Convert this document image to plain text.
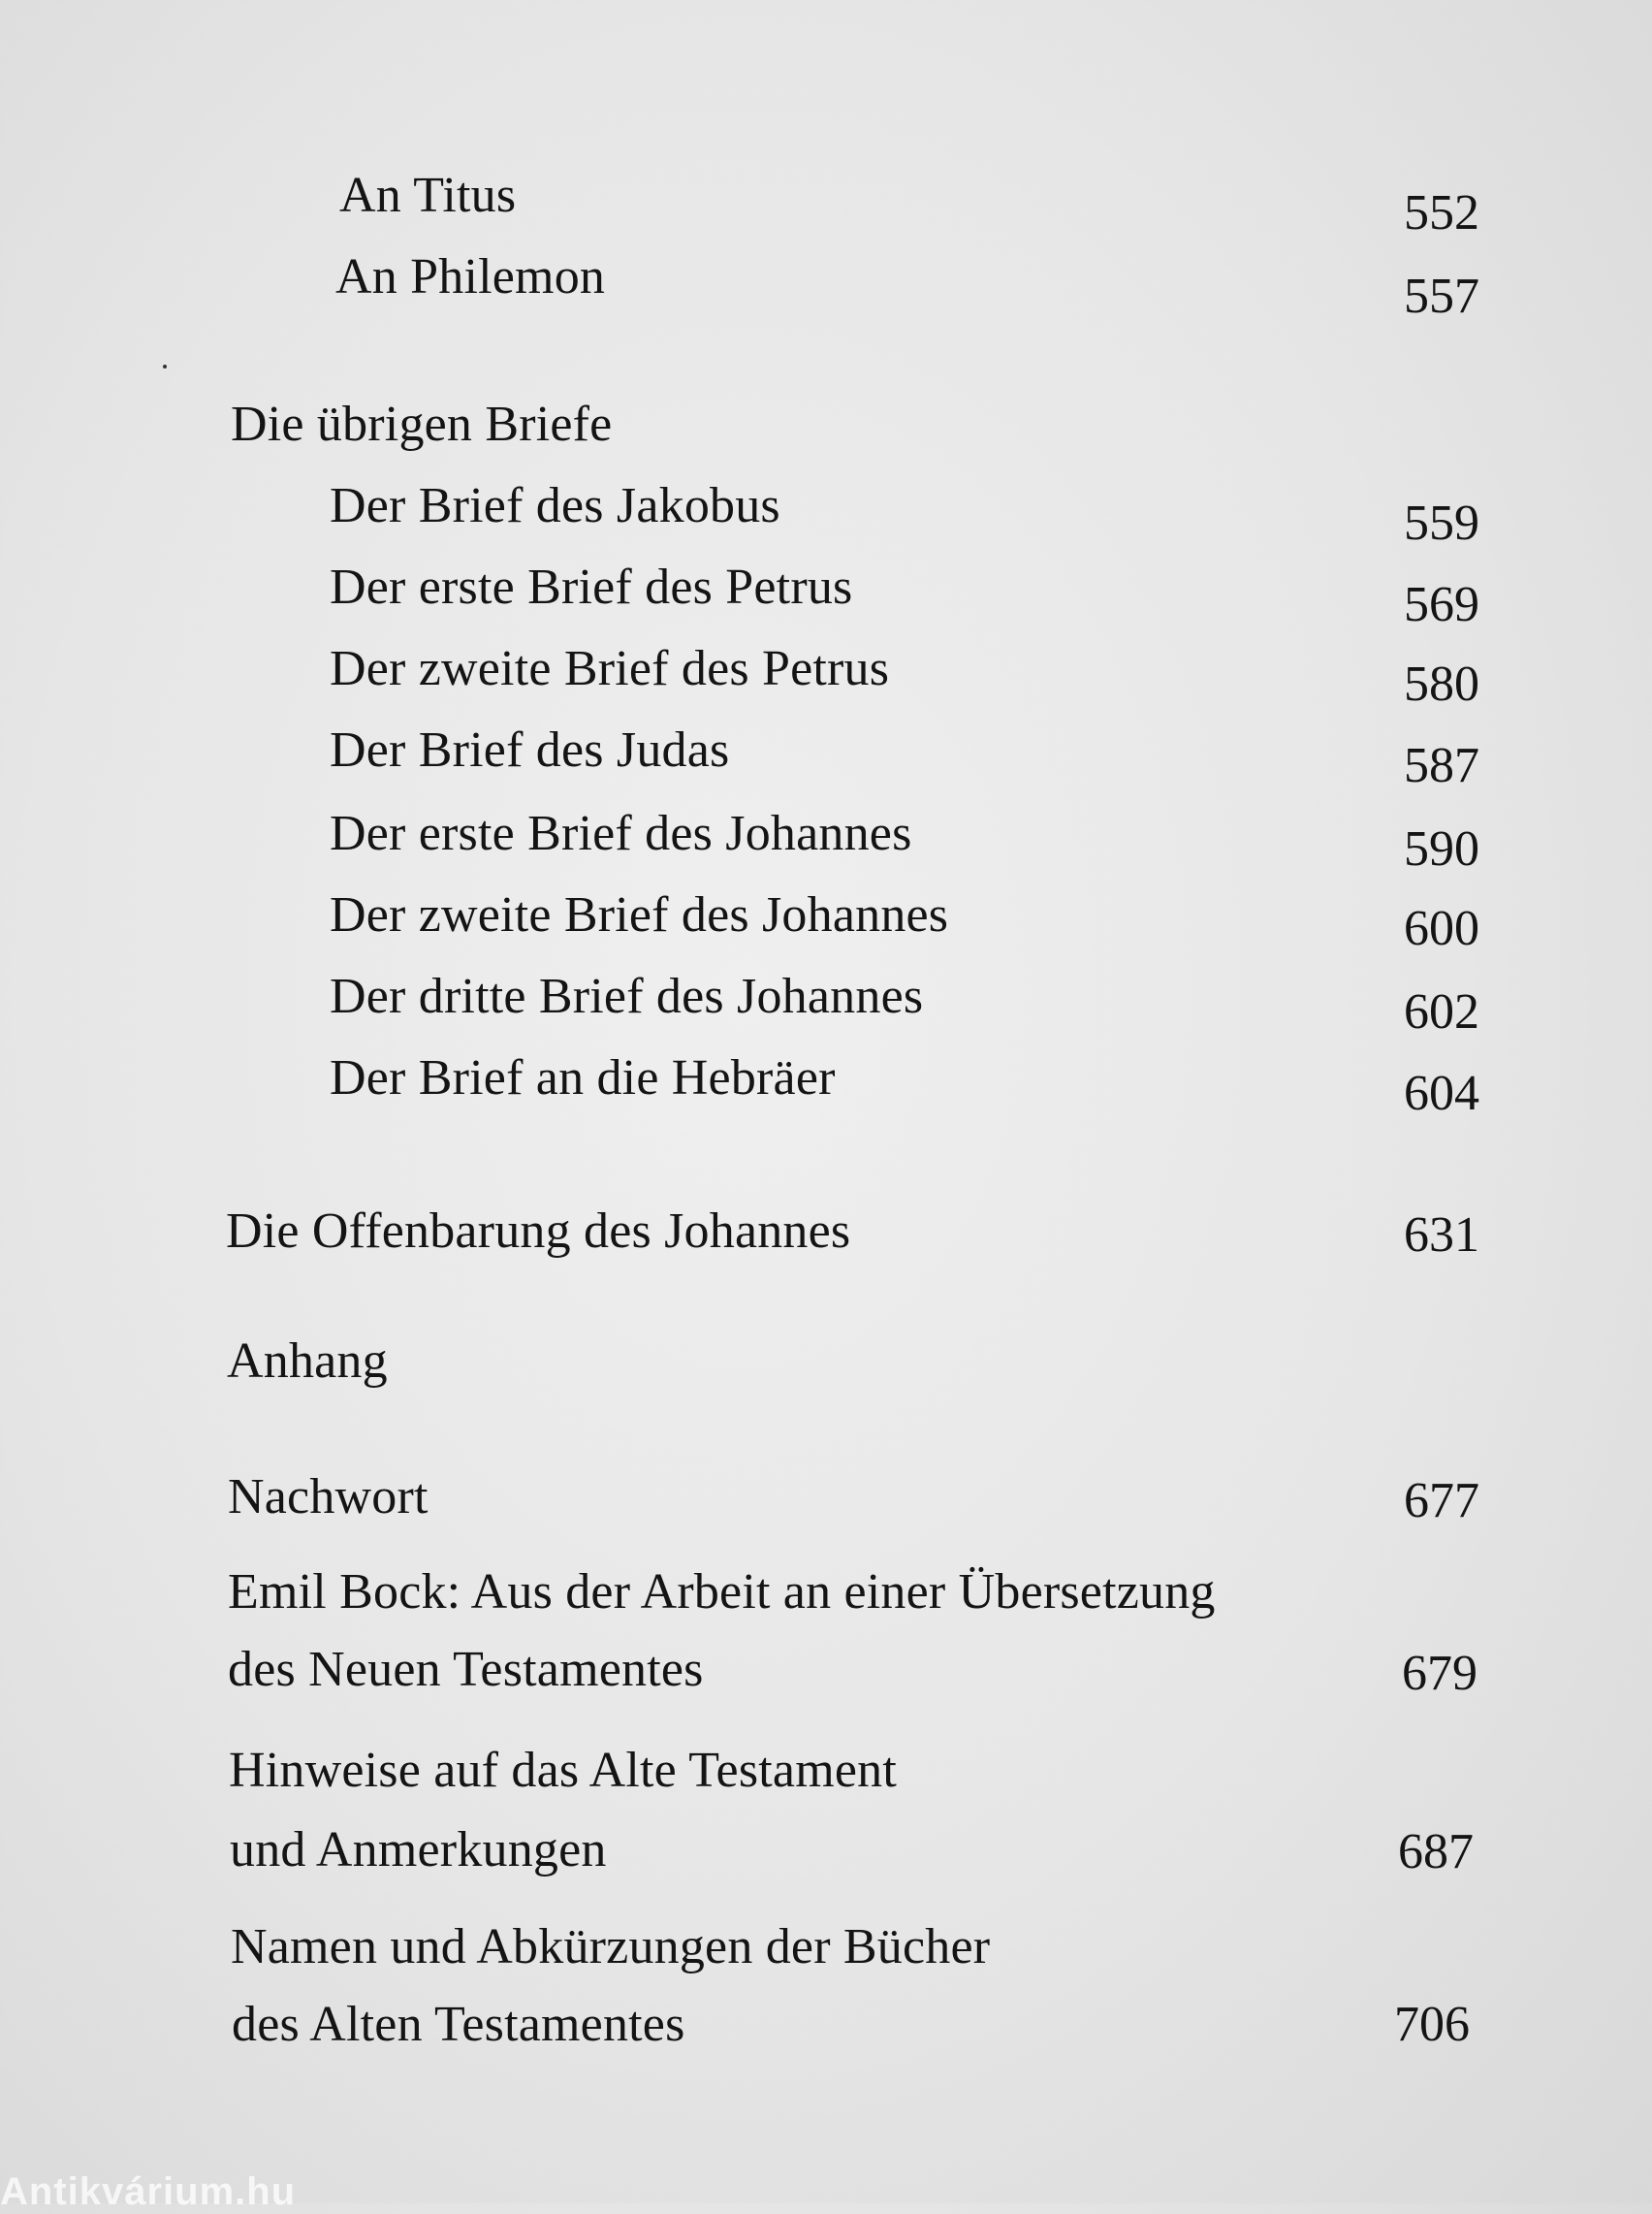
An Titus	552
An Philemon	557
Die übrigen Briefe
Der Brief des Jakobus	559
Der erste Brief des Petrus	569
Der zweite Brief des Petrus	580
Der Brief des Judas	587
Der erste Brief des Johannes	590
Der zweite Brief des Johannes	600
Der dritte Brief des Johannes	602
Der Brief an die Hebräer	604
Die Offenbarung des Johannes	631
Anhang
Nachwort	677
Emil Bock: Aus der Arbeit an einer Übersetzung
des Neuen Testamentes	679
Hinweise auf das Alte Testament
und Anmerkungen	687
Namen und Abkürzungen der Bücher
des Alten Testamentes	706
Antikvárium.hu
